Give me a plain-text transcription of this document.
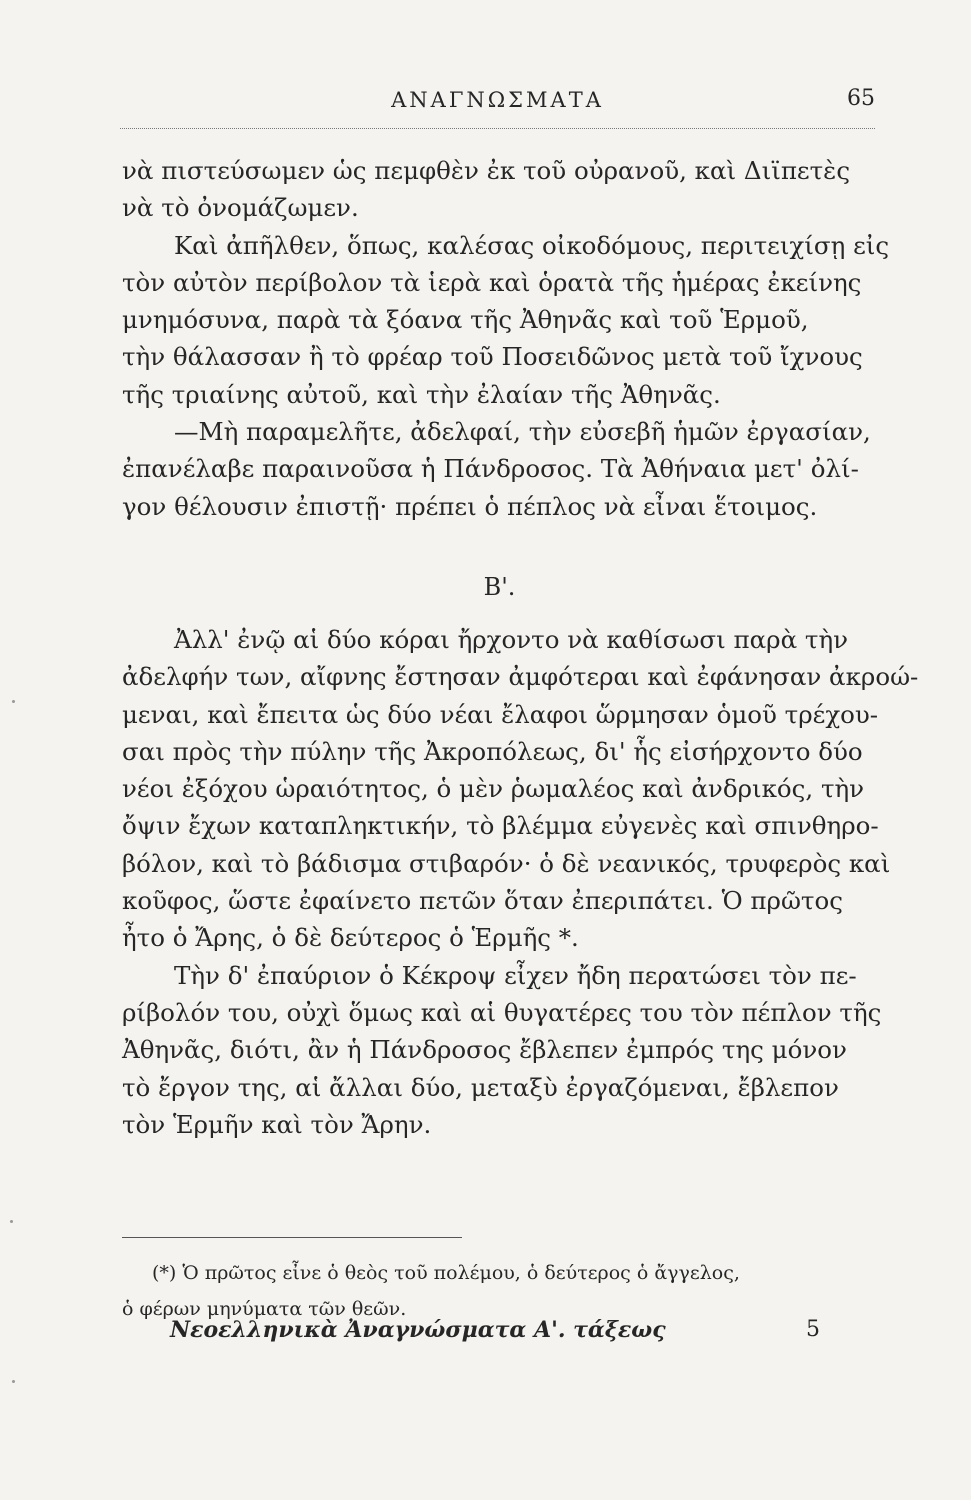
ΑΝΑΓΝΩΣΜΑΤΑ	65
νὰ πιστεύσωμεν ὡς πεμφθὲν ἐκ τοῦ οὐρανοῦ, καὶ Διϊπετὲς
νὰ τὸ ὀνομάζωμεν.
Καὶ ἀπῆλθεν, ὅπως, καλέσας οἰκοδόμους, περιτειχίσῃ εἰς
τὸν αὐτὸν περίβολον τὰ ἱερὰ καὶ ὁρατὰ τῆς ἡμέρας ἐκείνης
μνημόσυνα, παρὰ τὰ ξόανα τῆς Ἀθηνᾶς καὶ τοῦ Ἑρμοῦ,
τὴν θάλασσαν ἢ τὸ φρέαρ τοῦ Ποσειδῶνος μετὰ τοῦ ἴχνους
τῆς τριαίνης αὐτοῦ, καὶ τὴν ἐλαίαν τῆς Ἀθηνᾶς.
—Μὴ παραμελῆτε, ἀδελφαί, τὴν εὐσεβῆ ἡμῶν ἐργασίαν,
ἐπανέλαβε παραινοῦσα ἡ Πάνδροσος. Τὰ Ἀθήναια μετ' ὀλί-
γον θέλουσιν ἐπιστῇ· πρέπει ὁ πέπλος νὰ εἶναι ἕτοιμος.
Β'.
Ἀλλ' ἐνῷ αἱ δύο κόραι ἤρχοντο νὰ καθίσωσι παρὰ τὴν
ἀδελφήν των, αἴφνης ἔστησαν ἀμφότεραι καὶ ἐφάνησαν ἀκροώ-
μεναι, καὶ ἔπειτα ὡς δύο νέαι ἔλαφοι ὥρμησαν ὁμοῦ τρέχου-
σαι πρὸς τὴν πύλην τῆς Ἀκροπόλεως, δι' ἧς εἰσήρχοντο δύο
νέοι ἐξόχου ὡραιότητος, ὁ μὲν ῥωμαλέος καὶ ἀνδρικός, τὴν
ὄψιν ἔχων καταπληκτικήν, τὸ βλέμμα εὐγενὲς καὶ σπινθηρο-
βόλον, καὶ τὸ βάδισμα στιβαρόν· ὁ δὲ νεανικός, τρυφερὸς καὶ
κοῦφος, ὥστε ἐφαίνετο πετῶν ὅταν ἐπεριπάτει. Ὁ πρῶτος
ἦτο ὁ Ἄρης, ὁ δὲ δεύτερος ὁ Ἑρμῆς *.
Τὴν δ' ἐπαύριον ὁ Κέκροψ εἶχεν ἤδη περατώσει τὸν πε-
ρίβολόν του, οὐχὶ ὅμως καὶ αἱ θυγατέρες του τὸν πέπλον τῆς
Ἀθηνᾶς, διότι, ἂν ἡ Πάνδροσος ἔβλεπεν ἐμπρός της μόνον
τὸ ἔργον της, αἱ ἄλλαι δύο, μεταξὺ ἐργαζόμεναι, ἔβλεπον
τὸν Ἑρμῆν καὶ τὸν Ἄρην.
(*) Ὁ πρῶτος εἶνε ὁ θεὸς τοῦ πολέμου, ὁ δεύτερος ὁ ἄγγελος,
ὁ φέρων μηνύματα τῶν θεῶν.
Νεοελληνικὰ Ἀναγνώσματα Α'. τάξεως	5
